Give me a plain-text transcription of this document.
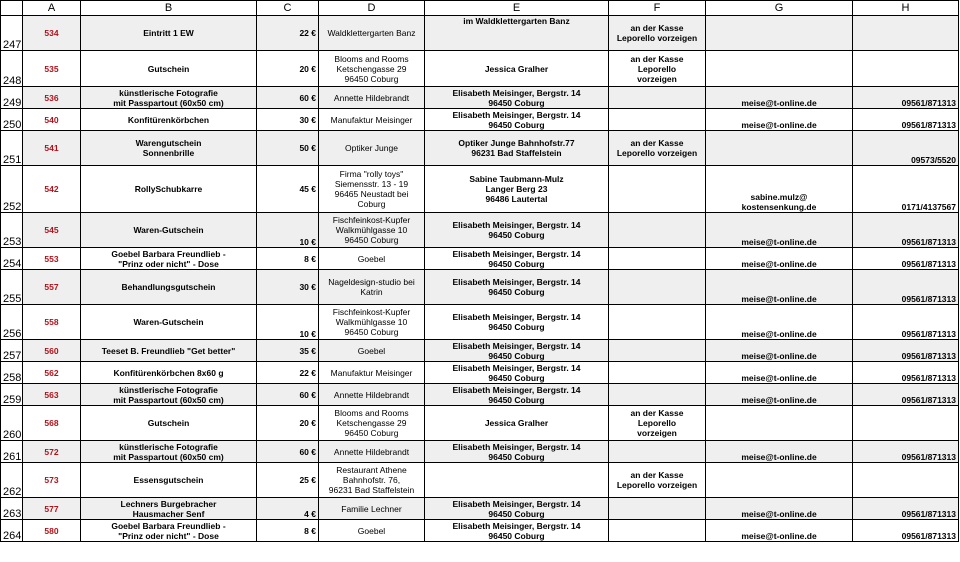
	A	B	C	D	E	F	G	H
247	534	Eintritt 1 EW	22 €	Waldklettergarten Banz	im Waldklettergarten Banz	an der Kasse
Leporello vorzeigen		
248	535	Gutschein	20 €	Blooms and Rooms
Ketschengasse 29
96450 Coburg	Jessica Gralher	an der Kasse
Leporello
vorzeigen		
249	536	künstlerische Fotografie
mit Passpartout (60x50 cm)	60 €	Annette Hildebrandt	Elisabeth Meisinger, Bergstr. 14
96450 Coburg		meise@t-online.de	09561/871313
250	540	Konfitürenkörbchen	30 €	Manufaktur Meisinger	Elisabeth Meisinger, Bergstr. 14
96450 Coburg		meise@t-online.de	09561/871313
251	541	Warengutschein
Sonnenbrille	50 €	Optiker Junge	Optiker Junge Bahnhofstr.77
96231 Bad Staffelstein	an der Kasse
Leporello vorzeigen		09573/5520
252	542	RollySchubkarre	45 €	Firma "rolly toys"
Siemensstr. 13 - 19
96465 Neustadt bei
Coburg	Sabine Taubmann-Mulz
Langer Berg 23
96486 Lautertal		sabine.mulz@
kostensenkung.de	0171/4137567
253	545	Waren-Gutschein	10 €	Fischfeinkost-Kupfer
Walkmühlgasse 10
96450 Coburg	Elisabeth Meisinger, Bergstr. 14
96450 Coburg		meise@t-online.de	09561/871313
254	553	Goebel Barbara Freundlieb -
"Prinz oder nicht" - Dose	8 €	Goebel	Elisabeth Meisinger, Bergstr. 14
96450 Coburg		meise@t-online.de	09561/871313
255	557	Behandlungsgutschein	30 €	Nageldesign-studio bei
Katrin	Elisabeth Meisinger, Bergstr. 14
96450 Coburg		meise@t-online.de	09561/871313
256	558	Waren-Gutschein	10 €	Fischfeinkost-Kupfer
Walkmühlgasse 10
96450 Coburg	Elisabeth Meisinger, Bergstr. 14
96450 Coburg		meise@t-online.de	09561/871313
257	560	Teeset B. Freundlieb "Get better"	35 €	Goebel	Elisabeth Meisinger, Bergstr. 14
96450 Coburg		meise@t-online.de	09561/871313
258	562	Konfitürenkörbchen 8x60 g	22 €	Manufaktur Meisinger	Elisabeth Meisinger, Bergstr. 14
96450 Coburg		meise@t-online.de	09561/871313
259	563	künstlerische Fotografie
mit Passpartout (60x50 cm)	60 €	Annette Hildebrandt	Elisabeth Meisinger, Bergstr. 14
96450 Coburg		meise@t-online.de	09561/871313
260	568	Gutschein	20 €	Blooms and Rooms
Ketschengasse 29
96450 Coburg	Jessica Gralher	an der Kasse
Leporello
vorzeigen		
261	572	künstlerische Fotografie
mit Passpartout (60x50 cm)	60 €	Annette Hildebrandt	Elisabeth Meisinger, Bergstr. 14
96450 Coburg		meise@t-online.de	09561/871313
262	573	Essensgutschein	25 €	Restaurant Athene
Bahnhofstr. 76,
96231 Bad Staffelstein		an der Kasse
Leporello vorzeigen		
263	577	Lechners Burgebracher
Hausmacher Senf	4 €	Familie Lechner	Elisabeth Meisinger, Bergstr. 14
96450 Coburg		meise@t-online.de	09561/871313
264	580	Goebel Barbara Freundlieb -
"Prinz oder nicht" - Dose	8 €	Goebel	Elisabeth Meisinger, Bergstr. 14
96450 Coburg		meise@t-online.de	09561/871313
